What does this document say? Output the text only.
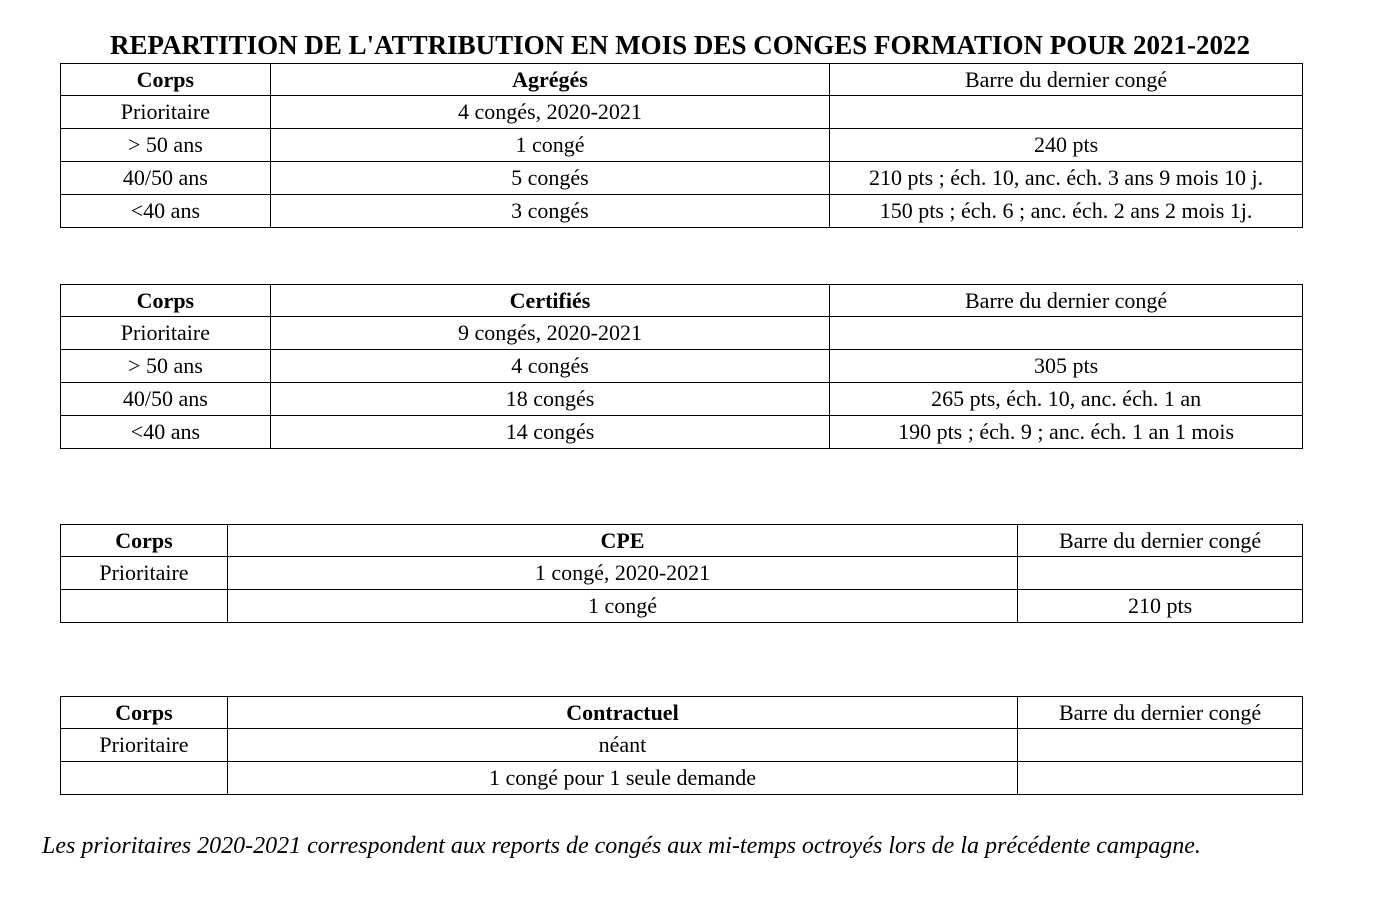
REPARTITION DE L'ATTRIBUTION EN MOIS DES CONGES FORMATION POUR 2021-2022
Corps	Agrégés	Barre du dernier congé
Prioritaire	4 congés, 2020-2021	
> 50 ans	1 congé	240 pts
40/50 ans	5 congés	210 pts ; éch. 10, anc. éch. 3 ans 9 mois 10 j.
<40 ans	3 congés	150 pts ; éch. 6 ; anc. éch. 2 ans 2 mois 1j.
Corps	Certifiés	Barre du dernier congé
Prioritaire	9 congés, 2020-2021	
> 50 ans	4 congés	305 pts
40/50 ans	18 congés	265 pts, éch. 10, anc. éch. 1 an
<40 ans	14 congés	190 pts ; éch. 9 ; anc. éch. 1 an 1 mois
Corps	CPE	Barre du dernier congé
Prioritaire	1 congé, 2020-2021	
	1 congé	210 pts
Corps	Contractuel	Barre du dernier congé
Prioritaire	néant	
	1 congé pour 1 seule demande	
Les prioritaires 2020-2021 correspondent aux reports de congés aux mi-temps octroyés lors de la précédente campagne.
